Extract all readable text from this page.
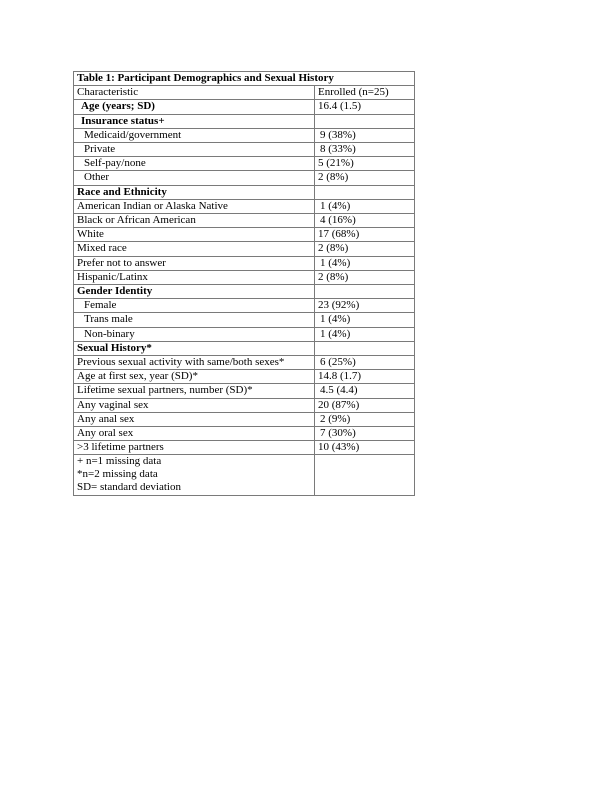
Table 1: Participant Demographics and Sexual History	
Characteristic	Enrolled (n=25)
Age (years; SD)	16.4 (1.5)
Insurance status+	
Medicaid/government	9 (38%)
Private	8 (33%)
Self-pay/none	5 (21%)
Other	2 (8%)
Race and Ethnicity	
American Indian or Alaska Native	1 (4%)
Black or African American	4 (16%)
White	17 (68%)
Mixed race	2 (8%)
Prefer not to answer	1 (4%)
Hispanic/Latinx	2 (8%)
Gender Identity	
Female	23 (92%)
Trans male	1 (4%)
Non-binary	1 (4%)
Sexual History*	
Previous sexual activity with same/both sexes*	6 (25%)
Age at first sex, year (SD)*	14.8 (1.7)
Lifetime sexual partners, number (SD)*	4.5 (4.4)
Any vaginal sex	20 (87%)
Any anal sex	2 (9%)
Any oral sex	7 (30%)
>3 lifetime partners	10 (43%)

+ n=1 missing data
*n=2 missing data
SD= standard deviation	
